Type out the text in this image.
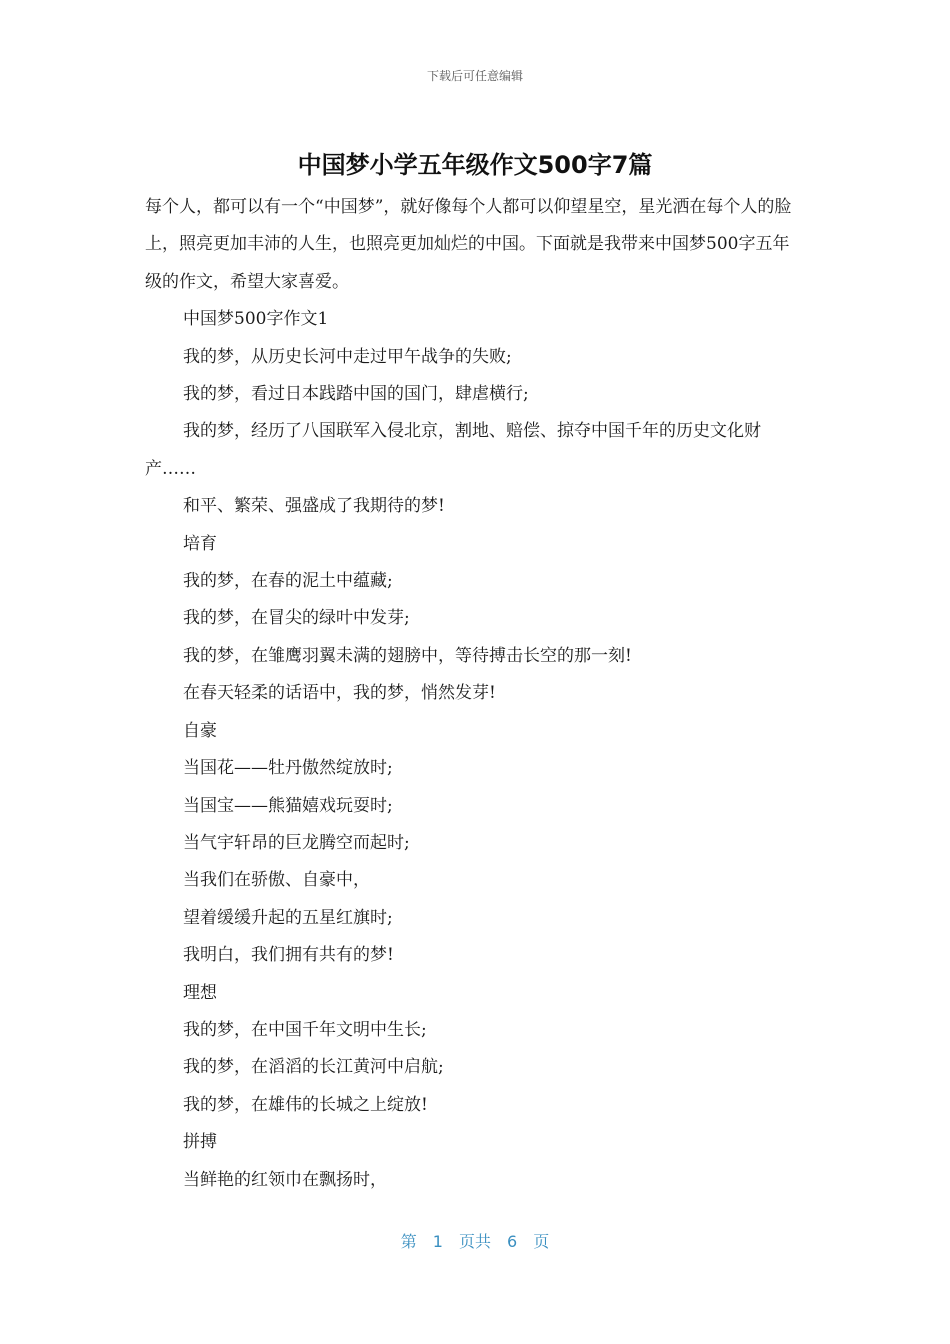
下载后可任意编辑
中国梦小学五年级作文500字7篇

每个人，都可以有一个“中国梦”，就好像每个人都可以仰望星空，星光洒在每个人的脸上，照亮更加丰沛的人生，也照亮更加灿烂的中国。下面就是我带来中国梦500字五年级的作文，希望大家喜爱。

中国梦500字作文1

我的梦，从历史长河中走过甲午战争的失败;

我的梦，看过日本践踏中国的国门，肆虐横行;

我的梦，经历了八国联军入侵北京，割地、赔偿、掠夺中国千年的历史文化财产……

和平、繁荣、强盛成了我期待的梦!

培育

我的梦，在春的泥土中蕴藏;

我的梦，在冒尖的绿叶中发芽;

我的梦，在雏鹰羽翼未满的翅膀中，等待搏击长空的那一刻!

在春天轻柔的话语中，我的梦，悄然发芽!

自豪

当国花——牡丹傲然绽放时;

当国宝——熊猫嬉戏玩耍时;

当气宇轩昂的巨龙腾空而起时;

当我们在骄傲、自豪中，

望着缓缓升起的五星红旗时;

我明白，我们拥有共有的梦!

理想

我的梦，在中国千年文明中生长;

我的梦，在滔滔的长江黄河中启航;

我的梦，在雄伟的长城之上绽放!

拼搏

当鲜艳的红领巾在飘扬时，

第 1 页共 6 页
